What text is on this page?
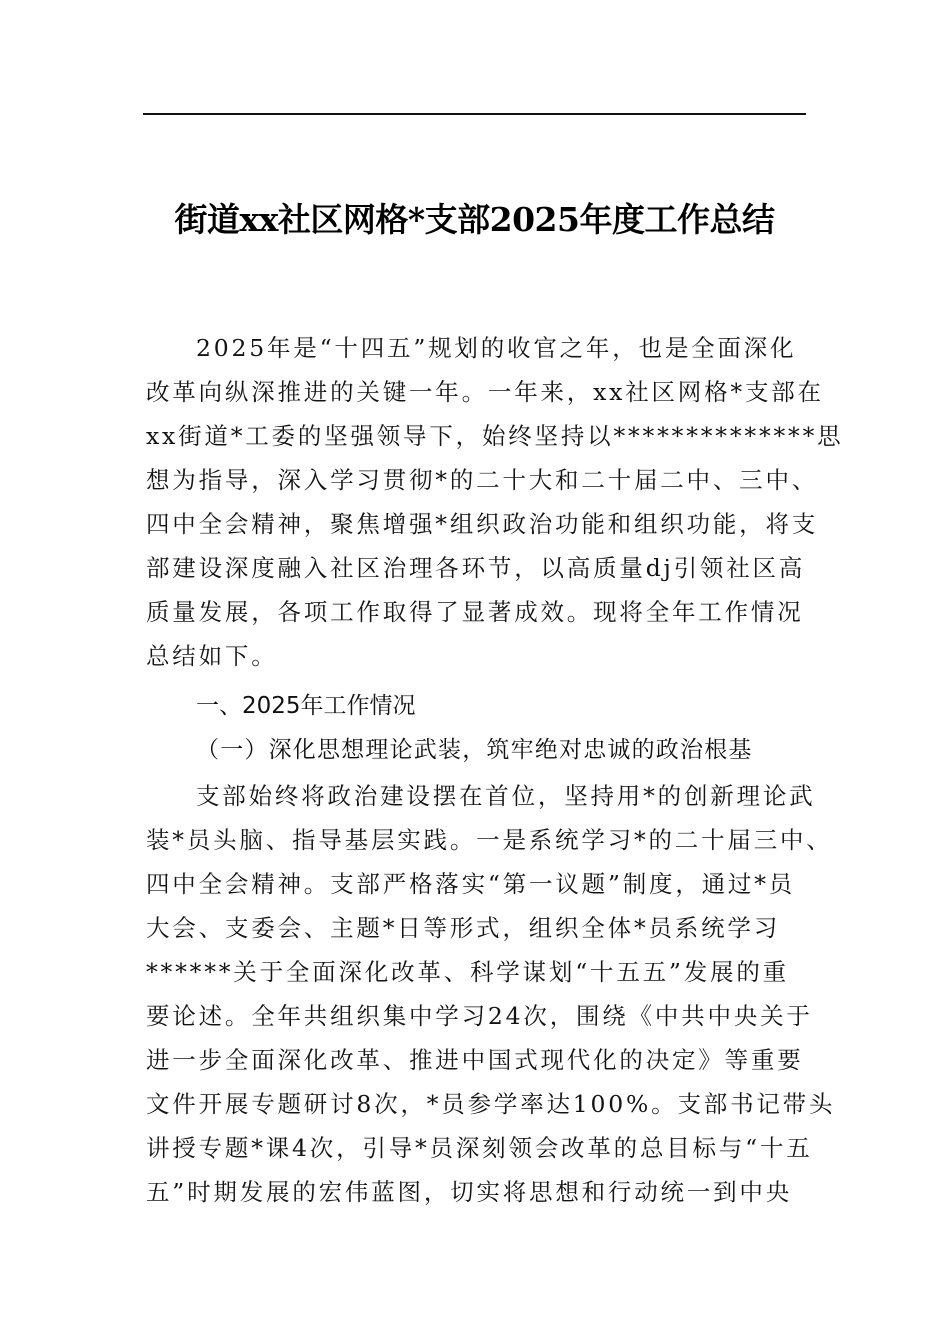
街道xx社区网格*支部2025年度工作总结
2025年是“十四五”规划的收官之年，也是全面深化
改革向纵深推进的关键一年。一年来，xx社区网格*支部在
xx街道*工委的坚强领导下，始终坚持以**************思
想为指导，深入学习贯彻*的二十大和二十届二中、三中、
四中全会精神，聚焦增强*组织政治功能和组织功能，将支
部建设深度融入社区治理各环节，以高质量dj引领社区高
质量发展，各项工作取得了显著成效。现将全年工作情况
总结如下。
一、2025年工作情况
（一）深化思想理论武装，筑牢绝对忠诚的政治根基
支部始终将政治建设摆在首位，坚持用*的创新理论武
装*员头脑、指导基层实践。一是系统学习*的二十届三中、
四中全会精神。支部严格落实“第一议题”制度，通过*员
大会、支委会、主题*日等形式，组织全体*员系统学习
******关于全面深化改革、科学谋划“十五五”发展的重
要论述。全年共组织集中学习24次，围绕《中共中央关于
进一步全面深化改革、推进中国式现代化的决定》等重要
文件开展专题研讨8次，*员参学率达100%。支部书记带头
讲授专题*课4次，引导*员深刻领会改革的总目标与“十五
五”时期发展的宏伟蓝图，切实将思想和行动统一到中央
